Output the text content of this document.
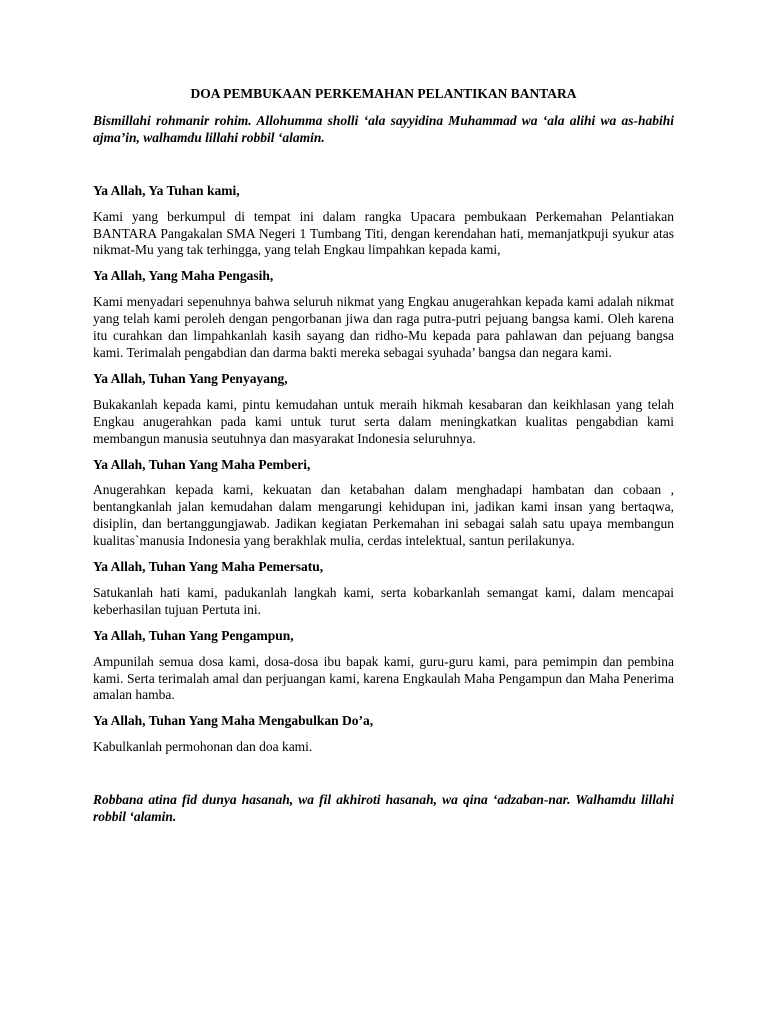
DOA PEMBUKAAN PERKEMAHAN PELANTIKAN BANTARA

Bismillahi rohmanir rohim. Allohumma sholli ‘ala sayyidina Muhammad wa ‘ala alihi wa as-habihi ajma’in, walhamdu lillahi robbil ‘alamin.

Ya Allah, Ya Tuhan kami,

Kami yang berkumpul di tempat ini dalam rangka Upacara pembukaan Perkemahan Pelantiakan BANTARA Pangakalan SMA Negeri 1 Tumbang Titi, dengan kerendahan hati, memanjatkpuji syukur atas nikmat-Mu yang tak terhingga, yang telah Engkau limpahkan kepada kami,

Ya Allah, Yang Maha Pengasih,

Kami menyadari sepenuhnya bahwa seluruh nikmat yang Engkau anugerahkan kepada kami adalah nikmat yang telah kami peroleh dengan pengorbanan jiwa dan raga putra-putri pejuang bangsa kami. Oleh karena itu curahkan dan limpahkanlah kasih sayang dan ridho-Mu kepada para pahlawan dan pejuang bangsa kami. Terimalah pengabdian dan darma bakti mereka sebagai syuhada’ bangsa dan negara kami.

Ya Allah, Tuhan Yang Penyayang,

Bukakanlah kepada kami, pintu kemudahan untuk meraih hikmah kesabaran dan keikhlasan yang telah Engkau anugerahkan pada kami untuk turut serta dalam meningkatkan kualitas pengabdian kami membangun manusia seutuhnya dan masyarakat Indonesia seluruhnya.

Ya Allah, Tuhan Yang Maha Pemberi,

Anugerahkan kepada kami, kekuatan dan ketabahan dalam menghadapi hambatan dan cobaan , bentangkanlah jalan kemudahan dalam mengarungi kehidupan ini, jadikan kami insan yang bertaqwa, disiplin, dan bertanggungjawab. Jadikan kegiatan Perkemahan ini sebagai salah satu upaya membangun kualitas`manusia Indonesia yang berakhlak mulia, cerdas intelektual, santun perilakunya.

Ya Allah, Tuhan Yang Maha Pemersatu,

Satukanlah hati kami, padukanlah langkah kami, serta kobarkanlah semangat kami, dalam mencapai keberhasilan tujuan Pertuta ini.

Ya Allah, Tuhan Yang Pengampun,

Ampunilah semua dosa kami, dosa-dosa ibu bapak kami, guru-guru kami, para pemimpin dan pembina kami. Serta terimalah amal dan perjuangan kami, karena Engkaulah Maha Pengampun dan Maha Penerima amalan hamba.

Ya Allah, Tuhan Yang Maha Mengabulkan Do’a,

Kabulkanlah permohonan dan doa kami.

Robbana atina fid dunya hasanah, wa fil akhiroti hasanah, wa qina ‘adzaban-nar. Walhamdu lillahi robbil ‘alamin.
